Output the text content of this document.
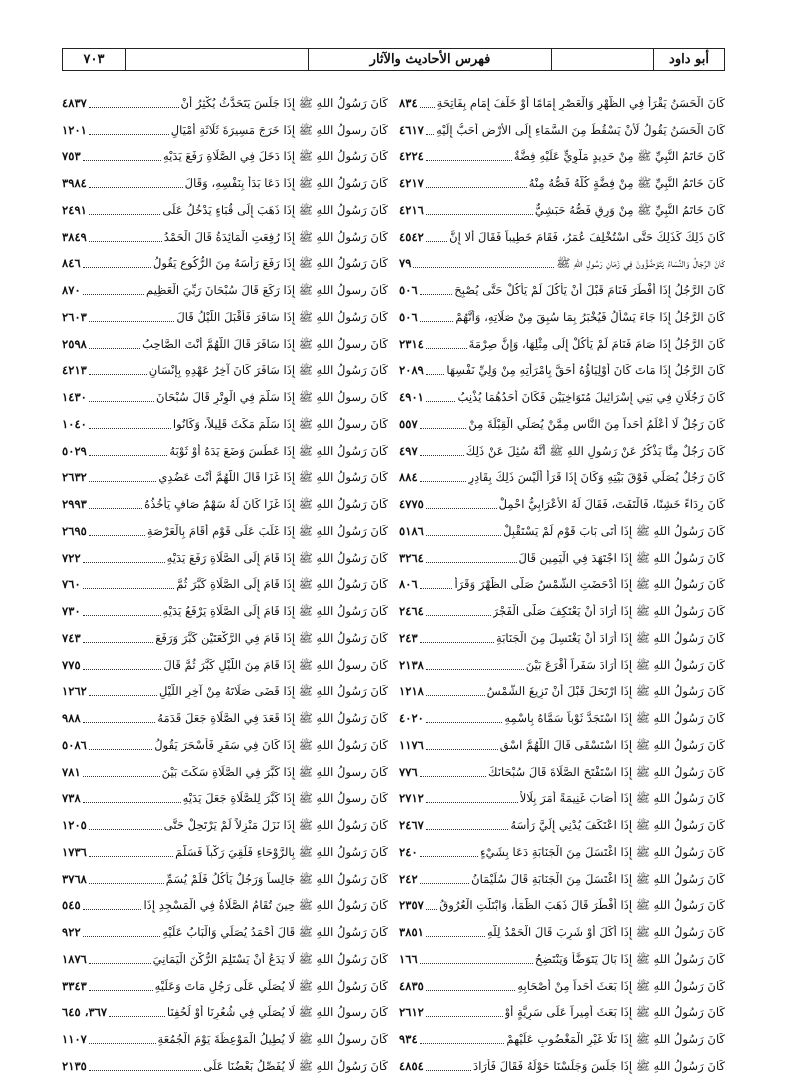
أبو داود
فهرس الأحاديث والآثار
٧٠٣
كَانَ الْحَسَنُ يَقْرَأُ فِي الظُّهْرِ وَالْعَصْرِ إِمَامًا أَوْ خَلْفَ إِمَامٍ بِفَاتِحَةِ
٨٣٤
كَانَ الْحَسَنُ يَقُولُ لَأَنْ يَسْقُطَ مِنَ السَّمَاءِ إِلَى الأَرْضِ أَحَبُّ إِلَيْهِ
٤٦١٧
كَانَ خَاتَمُ النَّبِيِّ ﷺ مِنْ حَدِيدٍ مَلْوِيٍّ عَلَيْهِ فِضَّةٌ
٤٢٢٤
كَانَ خَاتَمُ النَّبِيِّ ﷺ مِنْ فِضَّةٍ كُلُّهُ فَصُّهُ مِنْهُ
٤٢١٧
كَانَ خَاتَمُ النَّبِيِّ ﷺ مِنْ وَرِقٍ فَصُّهُ حَبَشِيٌّ
٤٢١٦
كَانَ ذَلِكَ كَذَلِكَ حَتَّى اسْتُخْلِفَ عُمَرُ، فَقَامَ خَطِيباً فَقَالَ أَلا إِنَّ
٤٥٤٢
كَانَ الرِّجَالُ وَالنِّسَاءُ يَتَوَضَّؤُونَ فِي زَمَانِ رَسُولِ اللهِ ﷺ
٧٩
كَانَ الرَّجُلُ إِذَا أَفْطَرَ فَنَامَ قَبْلَ أَنْ يَأْكُلَ لَمْ يَأْكُلْ حَتَّى يُصْبِحَ
٥٠٦
كَانَ الرَّجُلُ إِذَا جَاءَ يَسْأَلُ فَيُخْبَرُ بِمَا سُبِقَ مِنْ صَلَاتِهِ، وَأَنَّهُمْ
٥٠٦
كَانَ الرَّجُلُ إِذَا صَامَ فَنَامَ لَمْ يَأْكُلْ إِلَى مِثْلِهَا، وَإِنَّ صِرْمَةَ
٢٣١٤
كَانَ الرَّجُلُ إِذَا مَاتَ كَانَ أَوْلِيَاؤُهُ أَحَقَّ بِامْرَأَتِهِ مِنْ وَلِيِّ نَفْسِهَا
٢٠٨٩
كَانَ رَجُلَانِ فِي بَنِي إِسْرَائِيلَ مُتَوَاخِيَيْنِ فَكَانَ أَحَدُهُمَا يُذْنِبُ
٤٩٠١
كَانَ رَجُلٌ لَا أَعْلَمُ أَحَداً مِنَ النَّاسِ مِمَّنْ يُصَلِّي الْقِبْلَةَ مِنْ
٥٥٧
كَانَ رَجُلٌ مِنَّا يَذْكُرُ عَنْ رَسُولِ اللهِ ﷺ أَنَّهُ سُئِلَ عَنْ ذَلِكَ
٤٩٧
كَانَ رَجُلٌ يُصَلِّي فَوْقَ بَيْتِهِ وَكَانَ إِذَا قَرَأَ أَلَيْسَ ذَلِكَ بِقَادِرٍ
٨٨٤
كَانَ رِدَاءً خَشِنًا، فَالْتَفَتَ، فَقَالَ لَهُ الأَعْرَابِيُّ احْمِلْ
٤٧٧٥
كَانَ رَسُولُ اللهِ ﷺ إِذَا أَتَى بَابَ قَوْمٍ لَمْ يَسْتَقْبِلْ
٥١٨٦
كَانَ رَسُولُ اللهِ ﷺ إِذَا اجْتَهَدَ فِي الْيَمِينِ قَالَ
٣٢٦٤
كَانَ رَسُولُ اللهِ ﷺ إِذَا أَدْحَضَتِ الشَّمْسُ صَلَّى الظُّهْرَ وَقَرَأَ
٨٠٦
كَانَ رَسُولُ اللهِ ﷺ إِذَا أَرَادَ أَنْ يَعْتَكِفَ صَلَّى الْفَجْرَ
٢٤٦٤
كَانَ رَسُولُ اللهِ ﷺ إِذَا أَرَادَ أَنْ يَغْتَسِلَ مِنَ الْجَنَابَةِ
٢٤٣
كَانَ رَسُولُ اللهِ ﷺ إِذَا أَرَادَ سَفَراً أَقْرَعَ بَيْنَ
٢١٣٨
كَانَ رَسُولُ اللهِ ﷺ إِذَا ارْتَحَلَ قَبْلَ أَنْ تَزِيغَ الشَّمْسُ
١٢١٨
كَانَ رَسُولُ اللهِ ﷺ إِذَا اسْتَجَدَّ ثَوْباً سَمَّاهُ بِاسْمِهِ
٤٠٢٠
كَانَ رَسُولُ اللهِ ﷺ إِذَا اسْتَسْقَى قَالَ اللَّهُمَّ اسْقِ
١١٧٦
كَانَ رَسُولُ اللهِ ﷺ إِذَا اسْتَفْتَحَ الصَّلَاةَ قَالَ سُبْحَانَكَ
٧٧٦
كَانَ رَسُولُ اللهِ ﷺ إِذَا أَصَابَ غَنِيمَةً أَمَرَ بِلَالاً
٢٧١٢
كَانَ رَسُولُ اللهِ ﷺ إِذَا اعْتَكَفَ يُدْنِي إِلَيَّ رَأْسَهُ
٢٤٦٧
كَانَ رَسُولُ اللهِ ﷺ إِذَا اغْتَسَلَ مِنَ الْجَنَابَةِ دَعَا بِشَيْءٍ
٢٤٠
كَانَ رَسُولُ اللهِ ﷺ إِذَا اغْتَسَلَ مِنَ الْجَنَابَةِ قَالَ سُلَيْمَانُ
٢٤٢
كَانَ رَسُولُ اللهِ ﷺ إِذَا أَفْطَرَ قَالَ ذَهَبَ الظَّمَأُ، وَابْتَلَّتِ الْعُرُوقُ
٢٣٥٧
كَانَ رَسُولُ اللهِ ﷺ إِذَا أَكَلَ أَوْ شَرِبَ قَالَ الْحَمْدُ لِلَّهِ
٣٨٥١
كَانَ رَسُولُ اللهِ ﷺ إِذَا بَالَ يَتَوَضَّأُ وَيَنْتَضِحُ
١٦٦
كَانَ رَسُولُ اللهِ ﷺ إِذَا بَعَثَ أَحَداً مِنْ أَصْحَابِهِ
٤٨٣٥
كَانَ رَسُولُ اللهِ ﷺ إِذَا بَعَثَ أَمِيراً عَلَى سَرِيَّةٍ أَوْ
٢٦١٢
كَانَ رَسُولُ اللهِ ﷺ إِذَا تَلَا غَيْرِ الْمَغْضُوبِ عَلَيْهِمْ
٩٣٤
كَانَ رَسُولُ اللهِ ﷺ إِذَا جَلَسَ وَجَلَسْنَا حَوْلَهُ فَقَالَ فَأَرَادَ
٤٨٥٤
كَانَ رَسُولُ اللهِ ﷺ إِذَا جَلَسَ يَتَحَدَّثُ يُكْثِرُ أَنْ
٤٨٣٧
كَانَ رسولُ اللهِ ﷺ إِذَا خَرَجَ مَسِيرَةَ ثَلَاثَةِ أَمْيَالٍ
١٢٠١
كَانَ رَسُولُ اللهِ ﷺ إِذَا دَخَلَ فِي الصَّلَاةِ رَفَعَ يَدَيْهِ
٧٥٣
كَانَ رَسُولُ اللهِ ﷺ إِذَا دَعَا بَدَأَ بِنَفْسِهِ، وَقَالَ
٣٩٨٤
كَانَ رَسُولُ اللهِ ﷺ إِذَا ذَهَبَ إِلَى قُبَاءٍ يَدْخُلُ عَلَى
٢٤٩١
كَانَ رَسُولُ اللهِ ﷺ إِذَا رُفِعَتِ الْمَائِدَةُ قَالَ الْحَمْدُ
٣٨٤٩
كَانَ رَسُولُ اللهِ ﷺ إِذَا رَفَعَ رَأْسَهُ مِنَ الرُّكُوعِ يَقُولُ
٨٤٦
كَانَ رسولُ اللهِ ﷺ إِذَا رَكَعَ قَالَ سُبْحَانَ رَبِّيَ الْعَظِيمِ
٨٧٠
كَانَ رَسُولُ اللهِ ﷺ إِذَا سَافَرَ فَأَقْبَلَ اللَّيْلُ قَالَ
٢٦٠٣
كَانَ رسولُ اللهِ ﷺ إِذَا سَافَرَ قَالَ اللَّهُمَّ أَنْتَ الصَّاحِبُ
٢٥٩٨
كَانَ رَسُولُ اللهِ ﷺ إِذَا سَافَرَ كَانَ آخِرُ عَهْدِهِ بِإِنْسَانٍ
٤٢١٣
كَانَ رسولُ اللهِ ﷺ إِذَا سَلَّمَ فِي الْوِتْرِ قَالَ سُبْحَانَ
١٤٣٠
كَانَ رسولُ اللهِ ﷺ إِذَا سَلَّمَ مَكَثَ قَلِيلاً، وَكَانُوا
١٠٤٠
كَانَ رَسُولُ اللهِ ﷺ إِذَا عَطَسَ وَضَعَ يَدَهُ أَوْ ثَوْبَهُ
٥٠٢٩
كَانَ رَسُولُ اللهِ ﷺ إِذَا غَزَا قَالَ اللَّهُمَّ أَنْتَ عَضُدِي
٢٦٣٢
كَانَ رَسُولُ اللهِ ﷺ إِذَا غَزَا كَانَ لَهُ سَهْمٌ صَافٍ يَأْخُذُهُ
٢٩٩٣
كَانَ رَسُولُ اللهِ ﷺ إِذَا غَلَبَ عَلَى قَوْمٍ أَقَامَ بِالْعَرْصَةِ
٢٦٩٥
كَانَ رَسُولُ اللهِ ﷺ إِذَا قَامَ إِلَى الصَّلَاةِ رَفَعَ يَدَيْهِ
٧٢٢
كَانَ رَسُولُ اللهِ ﷺ إِذَا قَامَ إِلَى الصَّلَاةِ كَبَّرَ ثُمَّ
٧٦٠
كَانَ رَسُولُ اللهِ ﷺ إِذَا قَامَ إِلَى الصَّلَاةِ يَرْفَعُ يَدَيْهِ
٧٣٠
كَانَ رَسُولُ اللهِ ﷺ إِذَا قَامَ فِي الرَّكْعَتَيْنِ كَبَّرَ وَرَفَعَ
٧٤٣
كَانَ رسولُ اللهِ ﷺ إِذَا قَامَ مِنَ اللَّيْلِ كَبَّرَ ثُمَّ قَالَ
٧٧٥
كَانَ رَسُولُ اللهِ ﷺ إِذَا قَضَى صَلَاتَهُ مِنْ آخِرِ اللَّيْلِ
١٢٦٢
كَانَ رَسُولُ اللهِ ﷺ إِذَا قَعَدَ فِي الصَّلَاةِ جَعَلَ قَدَمَهُ
٩٨٨
كَانَ رَسُولُ اللهِ ﷺ إِذَا كَانَ فِي سَفَرٍ فَأَسْحَرَ يَقُولُ
٥٠٨٦
كَانَ رسولُ اللهِ ﷺ إِذَا كَبَّرَ فِي الصَّلَاةِ سَكَتَ بَيْنَ
٧٨١
كَانَ رسولُ اللهِ ﷺ إِذَا كَبَّرَ لِلصَّلَاةِ جَعَلَ يَدَيْهِ
٧٣٨
كَانَ رَسُولُ اللهِ ﷺ إِذَا نَزَلَ مَنْزِلاً لَمْ يَرْتَحِلْ حَتَّى
١٢٠٥
كَانَ رَسُولُ اللهِ ﷺ بِالرَّوْحَاءِ فَلَقِيَ رَكْباً فَسَلَّمَ
١٧٣٦
كَانَ رَسُولُ اللهِ ﷺ جَالِساً وَرَجُلٌ يَأْكُلُ فَلَمْ يُسَمِّ
٣٧٦٨
كَانَ رَسُولُ اللهِ ﷺ حِينَ تُقَامُ الصَّلَاةُ فِي الْمَسْجِدِ إِذَا
٥٤٥
كَانَ رَسُولُ اللهِ ﷺ قَالَ أَحْمَدُ يُصَلِّي وَالْبَابُ عَلَيْهِ
٩٢٢
كَانَ رَسُولُ اللهِ ﷺ لَا يَدَعُ أَنْ يَسْتَلِمَ الرُّكْنَ الْيَمَانِيَ
١٨٧٦
كَانَ رَسُولُ اللهِ ﷺ لَا يُصَلِّي عَلَى رَجُلٍ مَاتَ وَعَلَيْهِ
٣٣٤٣
كَانَ رسولُ اللهِ ﷺ لَا يُصَلِّي فِي شُعُرِنَا أَوْ لُحُفِنَا
٣٦٧، ٦٤٥
كَانَ رسولُ اللهِ ﷺ لَا يُطِيلُ الْمَوْعِظَةَ يَوْمَ الْجُمُعَةِ
١١٠٧
كَانَ رَسُولُ اللهِ ﷺ لَا يُفَصِّلُ بَعْضُنَا عَلَى
٢١٣٥
